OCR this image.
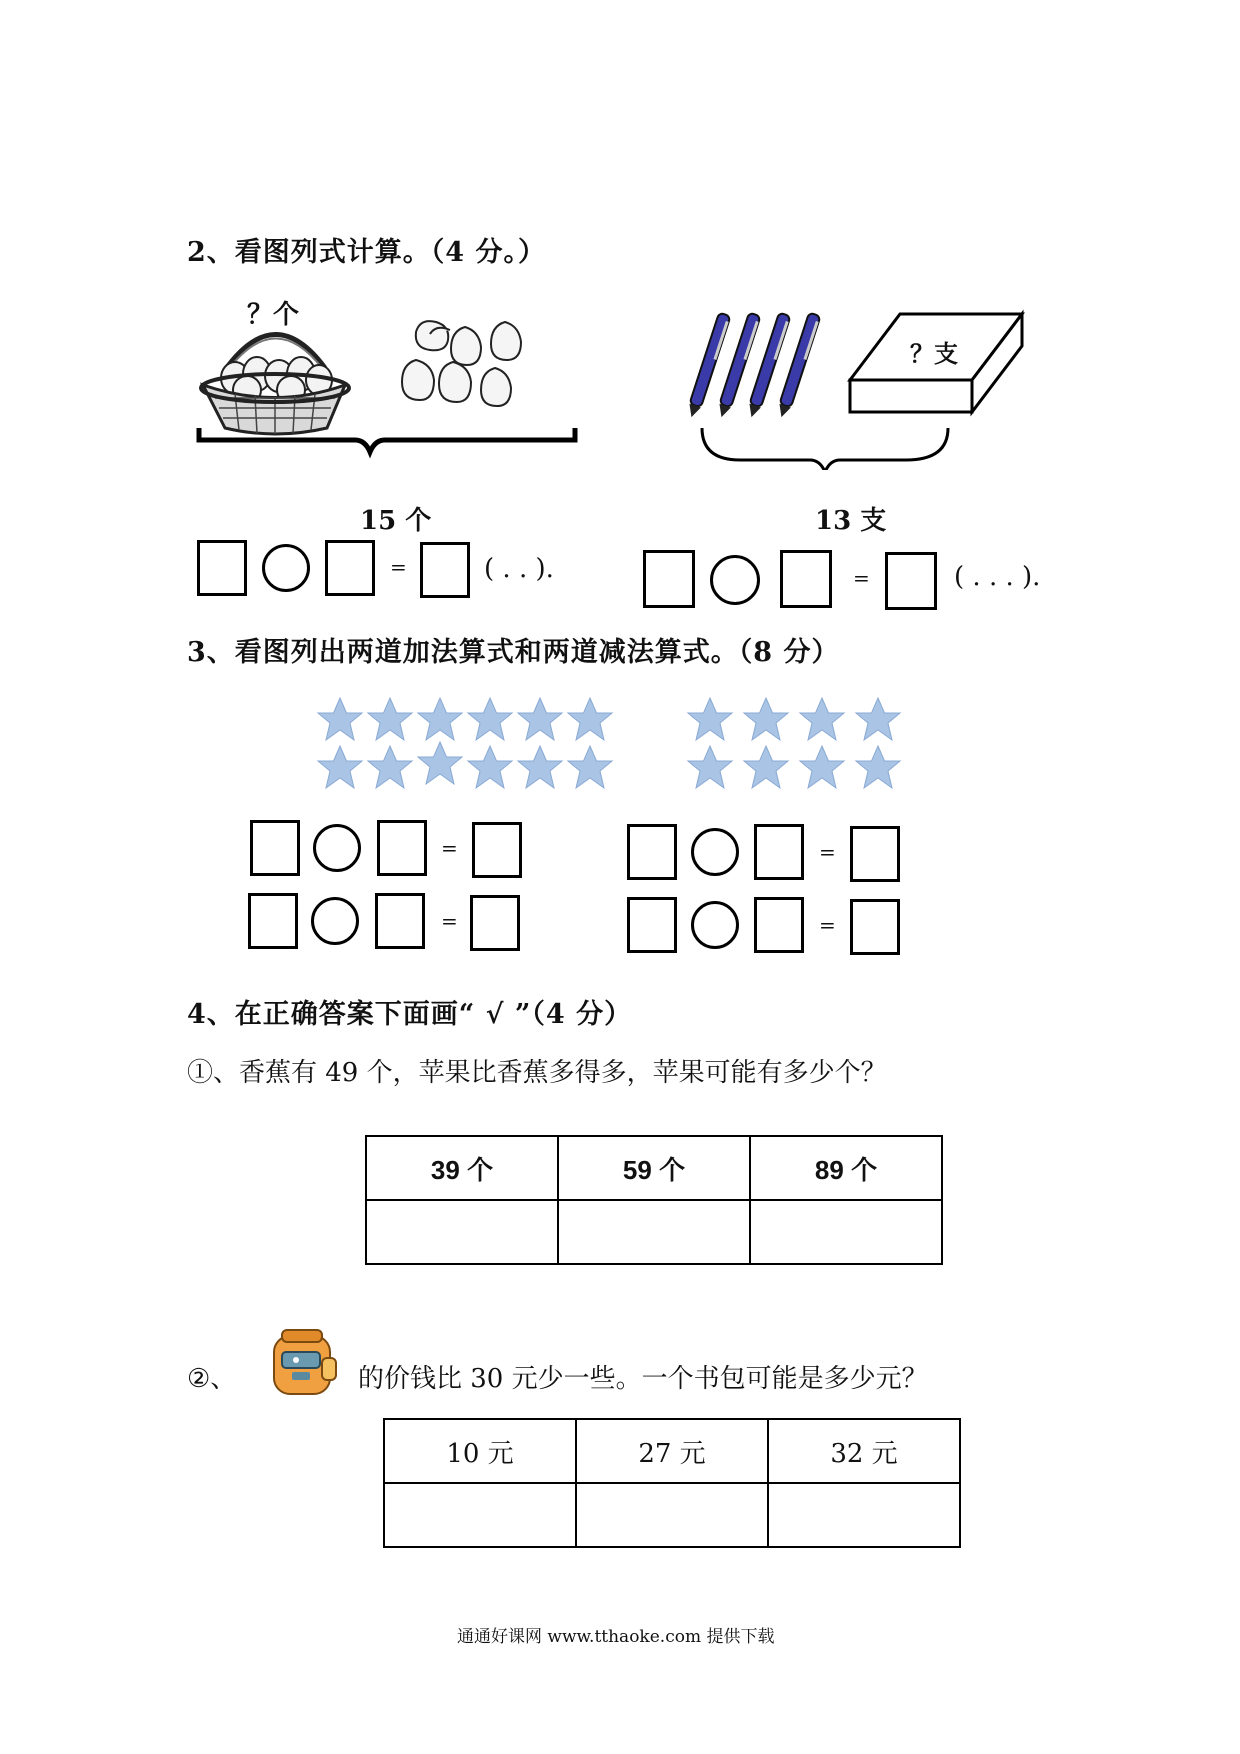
2、看图列式计算。（4 分。）
？个
15 个
=	( . . ).
？支
13 支
=	( . . . ).
3、看图列出两道加法算式和两道减法算式。（8 分）
=
=
=
=
4、在正确答案下面画“ √ ”（4 分）
①、香蕉有 49 个，苹果比香蕉多得多，苹果可能有多少个？
39 个	59 个	89 个

②、	的价钱比 30 元少一些。一个书包可能是多少元？
10 元	27 元	32 元

通通好课网 www.tthaoke.com 提供下载
